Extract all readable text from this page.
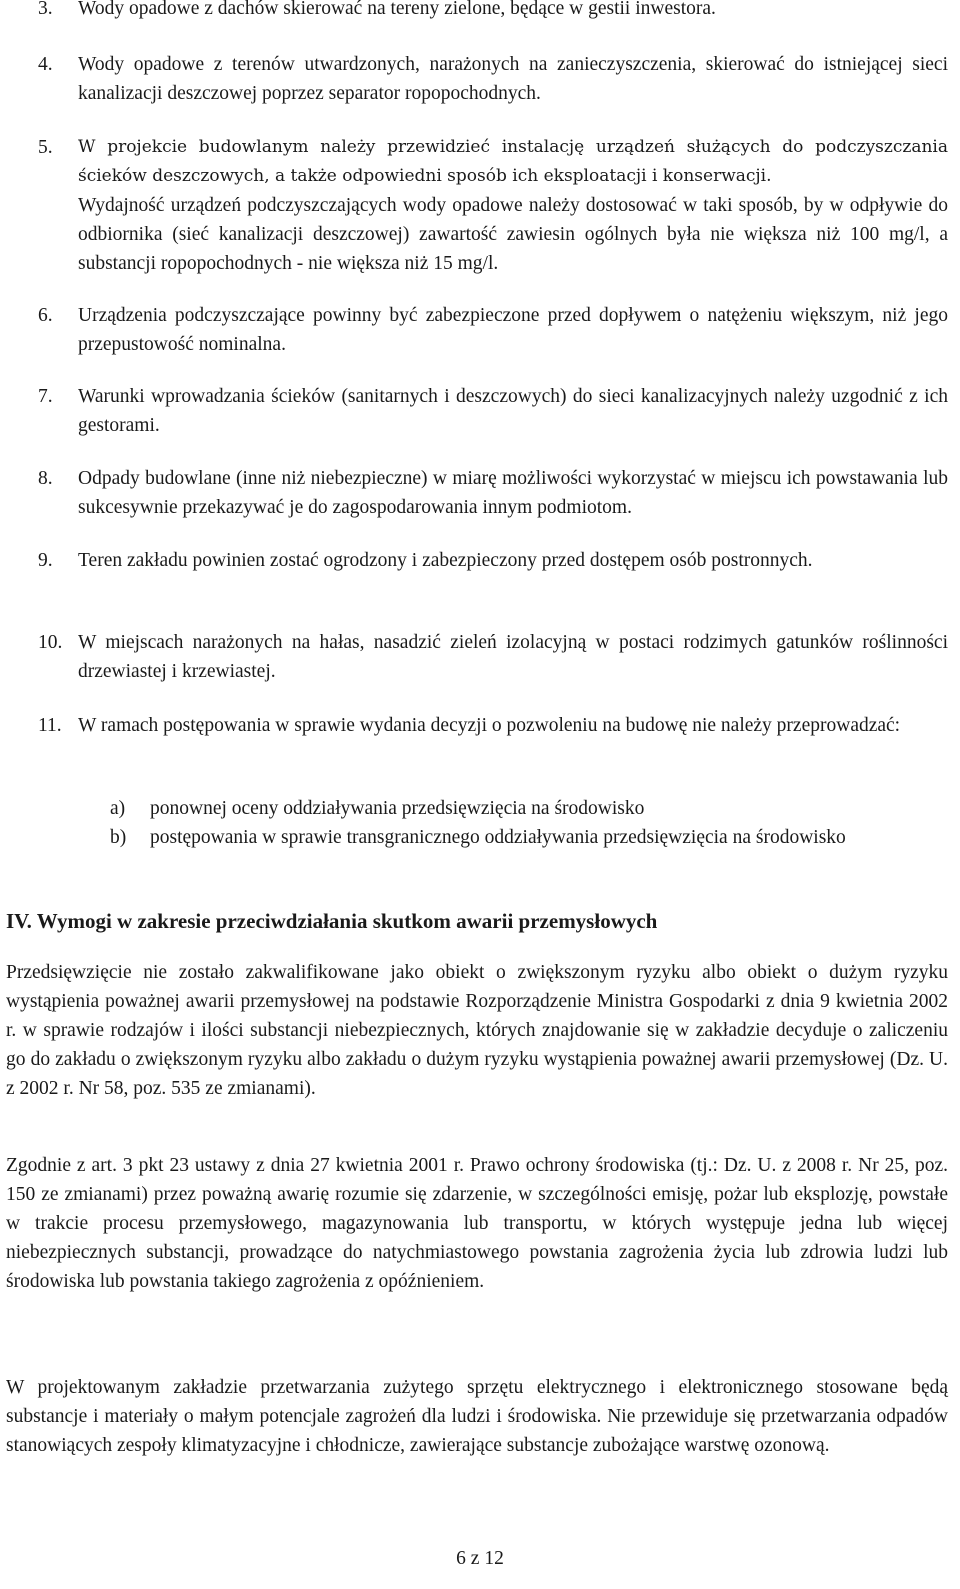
3. Wody opadowe z dachów skierować na tereny zielone, będące w gestii inwestora.
4. Wody opadowe z terenów utwardzonych, narażonych na zanieczyszczenia, skierować do istniejącej sieci kanalizacji deszczowej poprzez separator ropopochodnych.
5. W projekcie budowlanym należy przewidzieć instalację urządzeń służących do podczyszczania ścieków deszczowych, a także odpowiedni sposób ich eksploatacji i konserwacji.
Wydajność urządzeń podczyszczających wody opadowe należy dostosować w taki sposób, by w odpływie do odbiornika (sieć kanalizacji deszczowej) zawartość zawiesin ogólnych była nie większa niż 100 mg/l, a substancji ropopochodnych - nie większa niż 15 mg/l.
6. Urządzenia podczyszczające powinny być zabezpieczone przed dopływem o natężeniu większym, niż jego przepustowość nominalna.
7. Warunki wprowadzania ścieków (sanitarnych i deszczowych) do sieci kanalizacyjnych należy uzgodnić z ich gestorami.
8. Odpady budowlane (inne niż niebezpieczne) w miarę możliwości wykorzystać w miejscu ich powstawania lub sukcesywnie przekazywać je do zagospodarowania innym podmiotom.
9. Teren zakładu powinien zostać ogrodzony i zabezpieczony przed dostępem osób postronnych.
10. W miejscach narażonych na hałas, nasadzić zieleń izolacyjną w postaci rodzimych gatunków roślinności drzewiastej i krzewiastej.
11. W ramach postępowania w sprawie wydania decyzji o pozwoleniu na budowę nie należy przeprowadzać:
a) ponownej oceny oddziaływania przedsięwzięcia na środowisko
b) postępowania w sprawie transgranicznego oddziaływania przedsięwzięcia na środowisko
IV. Wymogi w zakresie przeciwdziałania skutkom awarii przemysłowych
Przedsięwzięcie nie zostało zakwalifikowane jako obiekt o zwiększonym ryzyku albo obiekt o dużym ryzyku wystąpienia poważnej awarii przemysłowej na podstawie Rozporządzenie Ministra Gospodarki z dnia 9 kwietnia 2002 r. w sprawie rodzajów i ilości substancji niebezpiecznych, których znajdowanie się w zakładzie decyduje o zaliczeniu go do zakładu o zwiększonym ryzyku albo zakładu o dużym ryzyku wystąpienia poważnej awarii przemysłowej (Dz. U. z 2002 r. Nr 58, poz. 535 ze zmianami).
Zgodnie z art. 3 pkt 23 ustawy z dnia 27 kwietnia 2001 r. Prawo ochrony środowiska (tj.: Dz. U. z 2008 r. Nr 25, poz. 150 ze zmianami) przez poważną awarię rozumie się zdarzenie, w szczególności emisję, pożar lub eksplozję, powstałe w trakcie procesu przemysłowego, magazynowania lub transportu, w których występuje jedna lub więcej niebezpiecznych substancji, prowadzące do natychmiastowego powstania zagrożenia życia lub zdrowia ludzi lub środowiska lub powstania takiego zagrożenia z opóźnieniem.
W projektowanym zakładzie przetwarzania zużytego sprzętu elektrycznego i elektronicznego stosowane będą substancje i materiały o małym potencjale zagrożeń dla ludzi i środowiska. Nie przewiduje się przetwarzania odpadów stanowiących zespoły klimatyzacyjne i chłodnicze, zawierające substancje zubożające warstwę ozonową.
6 z 12
